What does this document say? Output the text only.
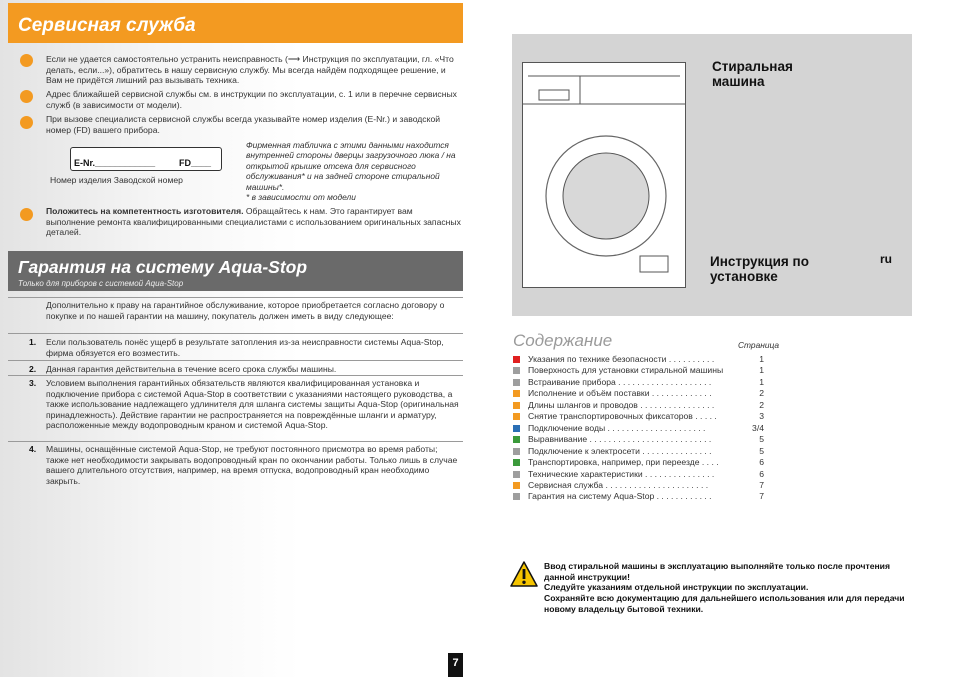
Сервисная служба
Если не удается самостоятельно устранить неисправность (⟶ Инструкция по эксплуатации, гл. «Что делать, если...»), обратитесь в нашу сервисную службу. Мы всегда найдём подходящее решение, и Вам не придётся лишний раз вызывать техника.
Адрес ближайшей сервисной службы см. в инструкции по эксплуатации, с. 1 или в перечне сервисных служб (в зависимости от модели).
При вызове специалиста сервисной службы всегда указывайте номер изделия (E-Nr.) и заводской номер (FD) вашего прибора.
E-Nr.____________	FD____
Номер изделия Заводской номер
Фирменная табличка с этими данными находится внутренней стороны дверцы загрузочного люка / на открытой крышке отсека для сервисного обслуживания* и на задней стороне стиральной машины*.
* в зависимости от модели
Положитесь на компетентность изготовителя. Обращайтесь к нам. Это гарантирует вам выполнение ремонта квалифицированными специалистами с использованием оригинальных запасных деталей.
Гарантия на систему Aqua-Stop
Только для приборов с системой Aqua-Stop
Дополнительно к праву на гарантийное обслуживание, которое приобретается согласно договору о покупке и по нашей гарантии на машину, покупатель должен иметь в виду следующее:
1. Если пользователь понёс ущерб в результате затопления из-за неисправности системы Aqua-Stop, фирма обязуется его возместить.
2. Данная гарантия действительна в течение всего срока службы машины.
3. Условием выполнения гарантийных обязательств являются квалифицированная установка и подключение прибора с системой Aqua-Stop в соответствии с указаниями настоящего руководства, а также использование надлежащего удлинителя для шланга системы защиты Aqua-Stop (оригинальная принадлежность). Действие гарантии не распространяется на повреждённые шланги и арматуру, расположенные между водопроводным краном и системой Aqua-Stop.
4. Машины, оснащённые системой Aqua-Stop, не требуют постоянного присмотра во время работы; также нет необходимости закрывать водопроводный кран по окончании работы. Только лишь в случае вашего длительного отсутствия, например, на время отпуска, водопроводный кран необходимо закрыть.
7
Стиральная
машина
Инструкция по
установке
ru
Содержание	Страница
Указания по технике безопасности . . . . . . . . . .	1
Поверхность для установки стиральной машины	1
Встраивание прибора . . . . . . . . . . . . . . . . . . . .	1
Исполнение и объём поставки . . . . . . . . . . . . .	2
Длины шлангов и проводов . . . . . . . . . . . . . . . .	2
Снятие транспортировочных фиксаторов . . . . .	3
Подключение воды . . . . . . . . . . . . . . . . . . . . .	3/4
Выравнивание . . . . . . . . . . . . . . . . . . . . . . . . . .	5
Подключение к электросети . . . . . . . . . . . . . . .	5
Транспортировка, например, при переезде . . . .	6
Технические характеристики . . . . . . . . . . . . . . .	6
Сервисная служба . . . . . . . . . . . . . . . . . . . . . .	7
Гарантия на систему Aqua-Stop . . . . . . . . . . . .	7
Ввод стиральной машины в эксплуатацию выполняйте только после прочтения данной инструкции!
Следуйте указаниям отдельной инструкции по эксплуатации.
Сохраняйте всю документацию для дальнейшего использования или для передачи новому владельцу бытовой техники.
